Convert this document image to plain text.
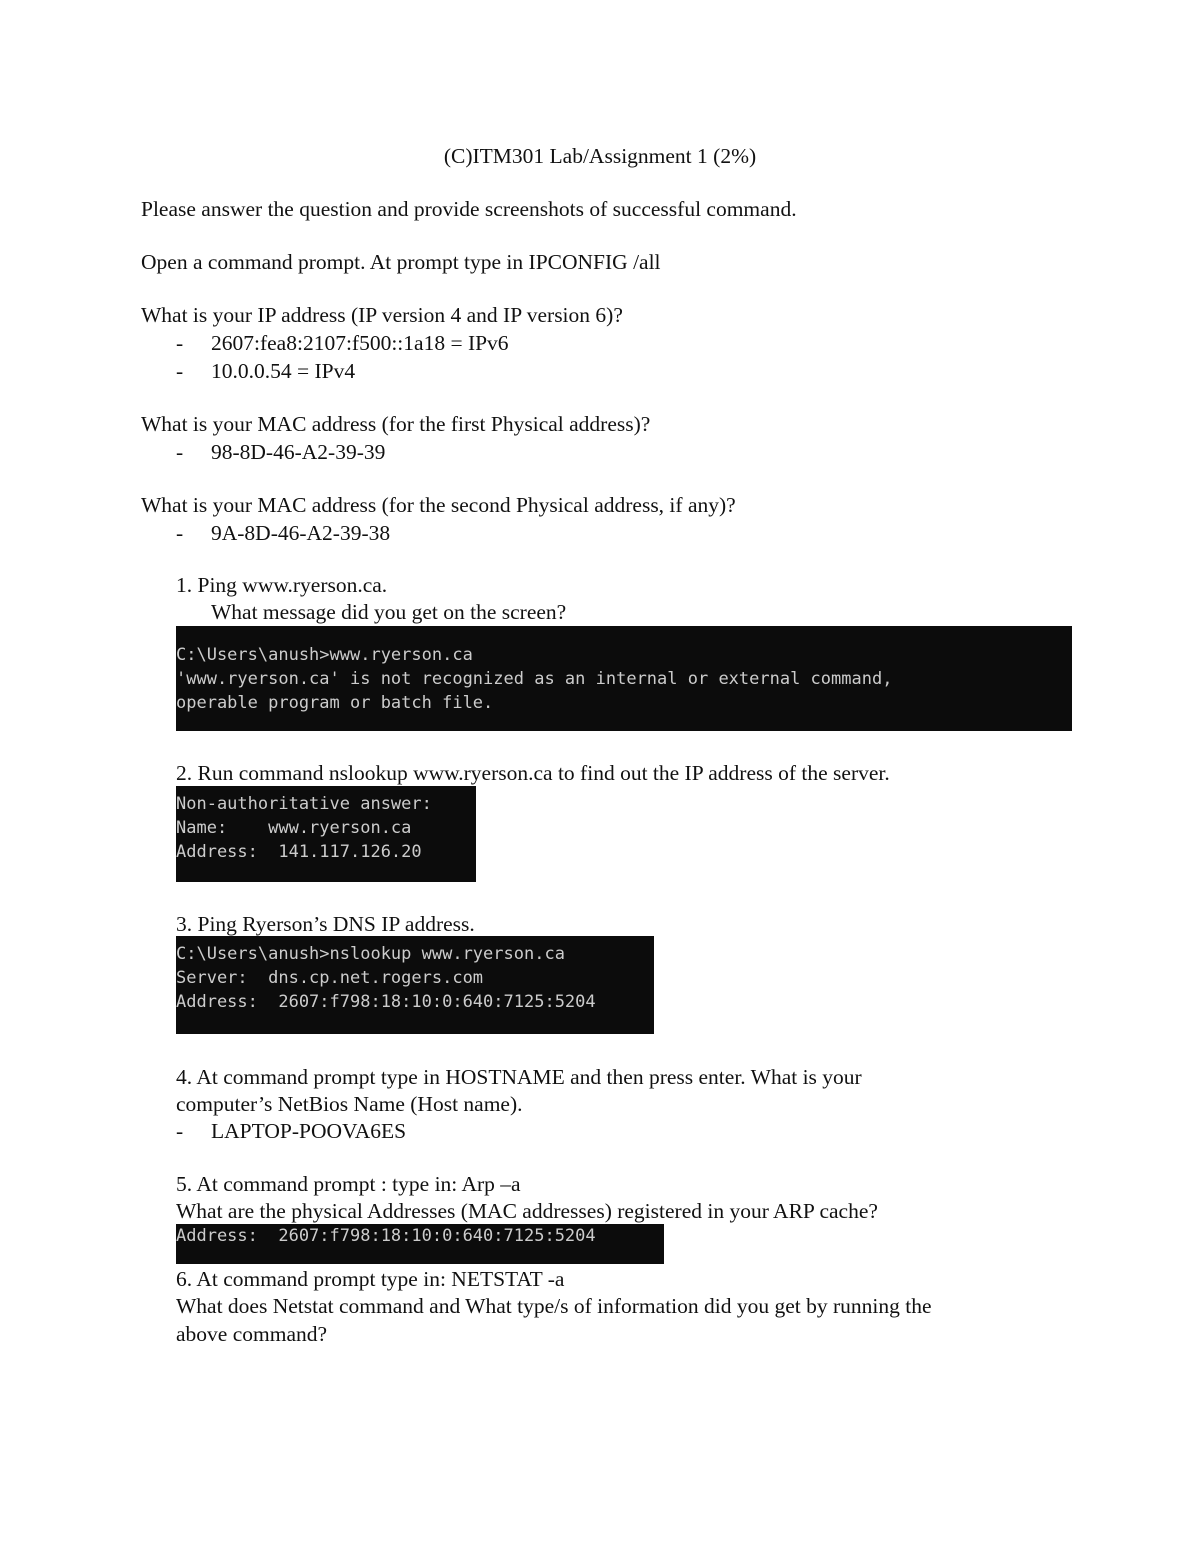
(C)ITM301 Lab/Assignment 1 (2%)

Please answer the question and provide screenshots of successful command.

Open a command prompt. At prompt type in IPCONFIG /all

What is your IP address (IP version 4 and IP version 6)?

- 2607:fea8:2107:f500::1a18 = IPv6

- 10.0.0.54 = IPv4

What is your MAC address (for the first Physical address)?

- 98-8D-46-A2-39-39

What is your MAC address (for the second Physical address, if any)?

- 9A-8D-46-A2-39-38

1. Ping www.ryerson.ca.

What message did you get on the screen?

C:\Users\anush>www.ryerson.ca
'www.ryerson.ca' is not recognized as an internal or external command,
operable program or batch file.

2. Run command nslookup www.ryerson.ca to find out the IP address of the server.

Non-authoritative answer:
Name:    www.ryerson.ca
Address:  141.117.126.20

3. Ping Ryerson’s DNS IP address.

C:\Users\anush>nslookup www.ryerson.ca
Server:  dns.cp.net.rogers.com
Address:  2607:f798:18:10:0:640:7125:5204

4. At command prompt type in HOSTNAME and then press enter. What is your

computer’s NetBios Name (Host name).

- LAPTOP-POOVA6ES

5. At command prompt : type in: Arp –a

What are the physical Addresses (MAC addresses) registered in your ARP cache?

Address:  2607:f798:18:10:0:640:7125:5204

6. At command prompt type in: NETSTAT -a

What does Netstat command and What type/s of information did you get by running the

above command?
